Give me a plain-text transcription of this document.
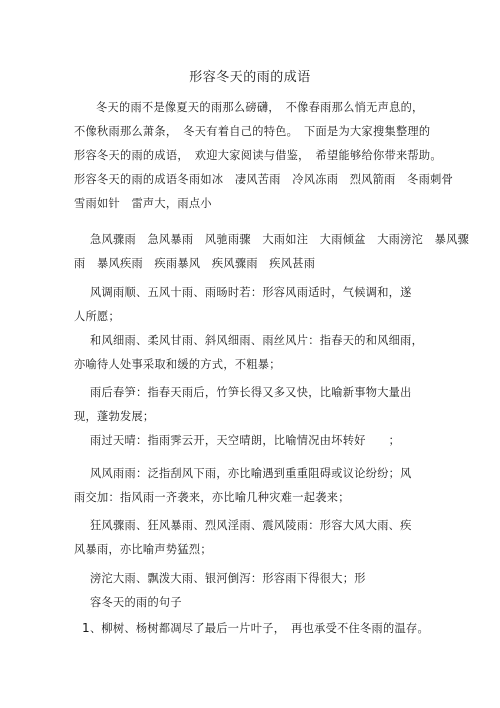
形容冬天的雨的成语
冬天的雨不是像夏天的雨那么磅礴，　不像春雨那么悄无声息的，
不像秋雨那么萧条，　冬天有着自己的特色。　下面是为大家搜集整理的
形容冬天的雨的成语，　欢迎大家阅读与借鉴，　希望能够给你带来帮助。
形容冬天的雨的成语冬雨如冰　凄风苦雨　冷风冻雨　烈风箭雨　冬雨刺骨
雪雨如针　雷声大，雨点小
急风骤雨　急风暴雨　风驰雨骤　大雨如注　大雨倾盆　大雨滂沱　暴风骤
雨　暴风疾雨　疾雨暴风　疾风骤雨　疾风甚雨
风调雨顺、五风十雨、雨旸时若：形容风雨适时，气候调和，遂
人所愿；
和风细雨、柔风甘雨、斜风细雨、雨丝风片：指春天的和风细雨，
亦喻待人处事采取和缓的方式，不粗暴；
雨后春笋：指春天雨后，竹笋长得又多又快，比喻新事物大量出
现，蓬勃发展；
雨过天晴：指雨霁云开，天空晴朗，比喻情况由坏转好　　；
风风雨雨：泛指刮风下雨，亦比喻遇到重重阻碍或议论纷纷；风
雨交加：指风雨一齐袭来，亦比喻几种灾难一起袭来；
狂风骤雨、狂风暴雨、烈风淫雨、震风陵雨：形容大风大雨、疾
风暴雨，亦比喻声势猛烈；
滂沱大雨、飘泼大雨、银河倒泻：形容雨下得很大；形
容冬天的雨的句子
1、柳树、杨树都凋尽了最后一片叶子，　再也承受不住冬雨的温存。
